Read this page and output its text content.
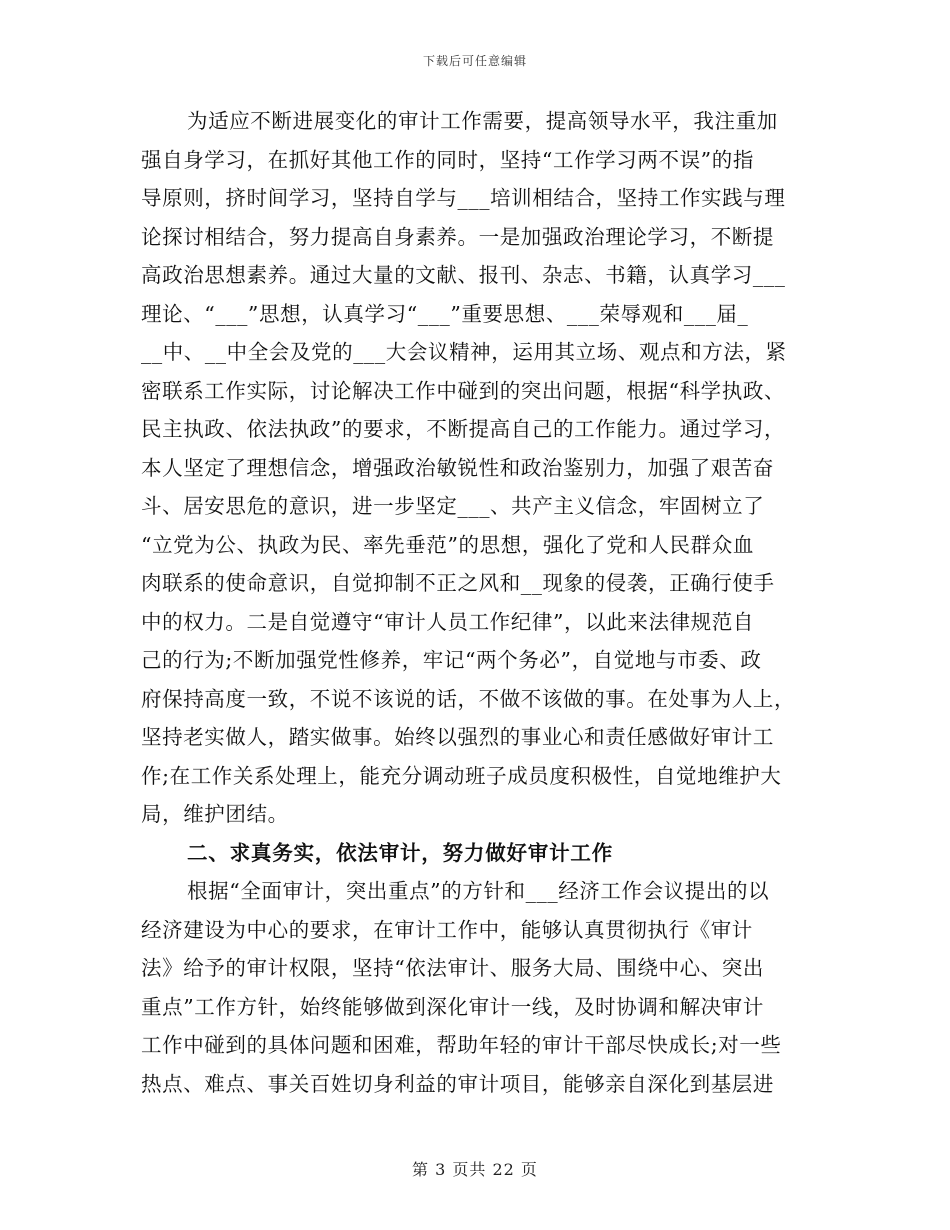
下载后可任意编辑
为适应不断进展变化的审计工作需要，提高领导水平，我注重加
强自身学习，在抓好其他工作的同时，坚持“工作学习两不误”的指
导原则，挤时间学习，坚持自学与___培训相结合，坚持工作实践与理
论探讨相结合，努力提高自身素养。一是加强政治理论学习，不断提
高政治思想素养。通过大量的文献、报刊、杂志、书籍，认真学习___
理论、“___”思想，认真学习“___”重要思想、___荣辱观和___届_
__中、__中全会及党的___大会议精神，运用其立场、观点和方法，紧
密联系工作实际，讨论解决工作中碰到的突出问题，根据“科学执政、
民主执政、依法执政”的要求，不断提高自己的工作能力。通过学习，
本人坚定了理想信念，增强政治敏锐性和政治鉴别力，加强了艰苦奋
斗、居安思危的意识，进一步坚定___、共产主义信念，牢固树立了
“立党为公、执政为民、率先垂范”的思想，强化了党和人民群众血
肉联系的使命意识，自觉抑制不正之风和__现象的侵袭，正确行使手
中的权力。二是自觉遵守“审计人员工作纪律”，以此来法律规范自
己的行为;不断加强党性修养，牢记“两个务必”，自觉地与市委、政
府保持高度一致，不说不该说的话，不做不该做的事。在处事为人上，
坚持老实做人，踏实做事。始终以强烈的事业心和责任感做好审计工
作;在工作关系处理上，能充分调动班子成员度积极性，自觉地维护大
局，维护团结。
二、求真务实，依法审计，努力做好审计工作
根据“全面审计，突出重点”的方针和___经济工作会议提出的以
经济建设为中心的要求，在审计工作中，能够认真贯彻执行《审计
法》给予的审计权限，坚持“依法审计、服务大局、围绕中心、突出
重点”工作方针，始终能够做到深化审计一线，及时协调和解决审计
工作中碰到的具体问题和困难，帮助年轻的审计干部尽快成长;对一些
热点、难点、事关百姓切身利益的审计项目，能够亲自深化到基层进
第 3 页共 22 页
